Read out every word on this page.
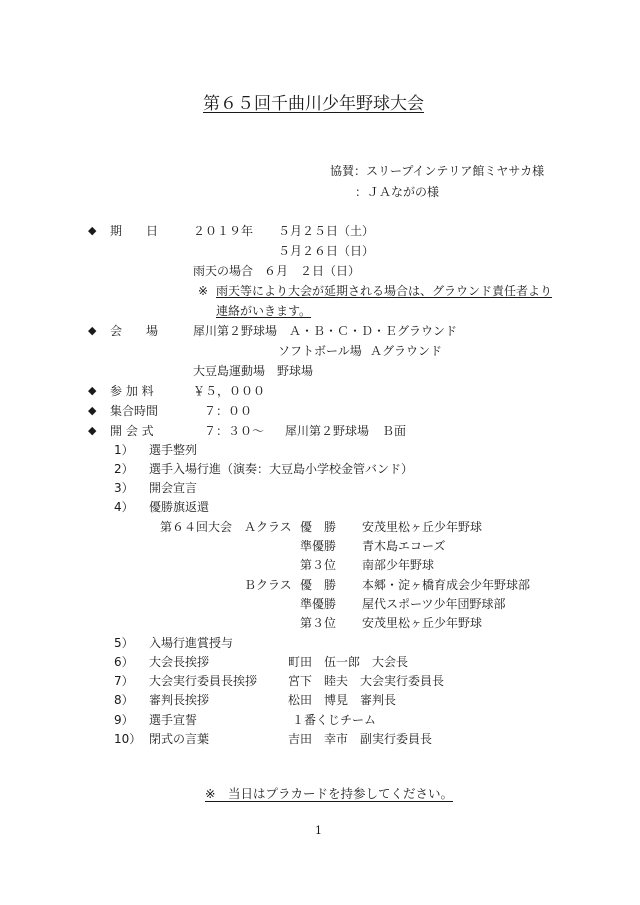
第６５回千曲川少年野球大会
協賛： スリープインテリア館ミヤサカ様
：ＪＡながの様
◆ 期　　日	２０１９年 ５月２５日（土）
５月２６日（日）
雨天の場合 ６月　２日（日）
※ 雨天等により大会が延期される場合は、グラウンド責任者より
連絡がいきます。
◆ 会　　場	犀川第２野球場 Ａ・Ｂ・Ｃ・Ｄ・Ｅグラウンド
ソフトボール場 Ａグラウンド
大豆島運動場 野球場
◆ 参 加 料	￥５，０００
◆ 集合時間	７：００
◆ 開 会 式	７：３０～ 犀川第２野球場 Ｂ面
1） 選手整列
2） 選手入場行進（演奏：大豆島小学校金管バンド）
3） 開会宣言
4） 優勝旗返還
第６４回大会 Ａクラス 優　勝 安茂里松ヶ丘少年野球
準優勝 青木島エコーズ
第３位 南部少年野球
Ｂクラス 優　勝 本郷・淀ヶ橋育成会少年野球部
準優勝 屋代スポーツ少年団野球部
第３位 安茂里松ヶ丘少年野球
5） 入場行進賞授与
6） 大会長挨拶	町田　伍一郎　大会長
7） 大会実行委員長挨拶	宮下　睦夫　大会実行委員長
8） 審判長挨拶	松田　博見　審判長
9） 選手宣誓	１番くじチーム
10） 閉式の言葉	吉田　幸市　副実行委員長
※　当日はプラカードを持参してください。
1
